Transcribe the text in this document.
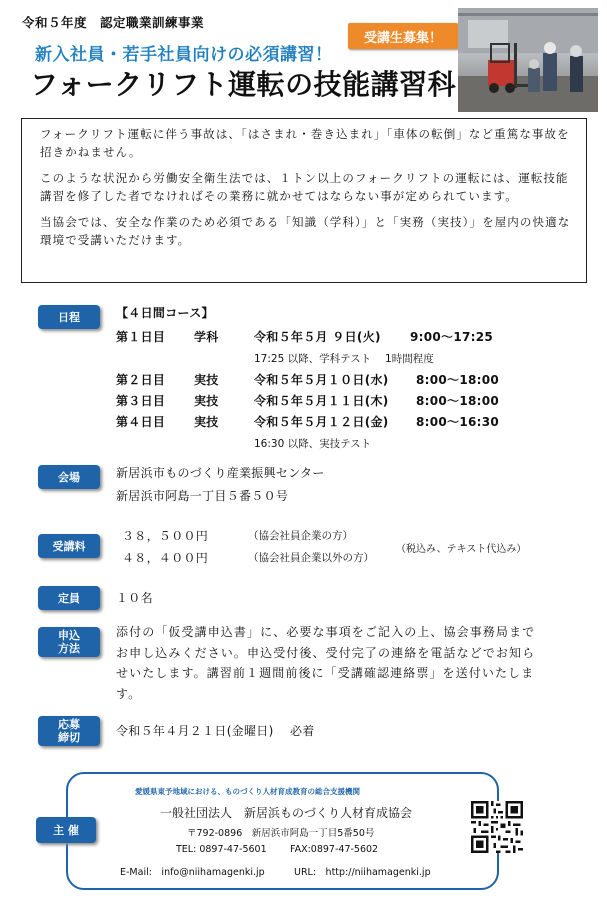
令和５年度　認定職業訓練事業
新入社員・若手社員向けの必須講習！
フォークリフト運転の技能講習科
受講生募集！

フォークリフト運転に伴う事故は、「はさまれ・巻き込まれ」「車体の転倒」など重篤な事故を招きかねません。

このような状況から労働安全衛生法では、１トン以上のフォークリフトの運転には、運転技能講習を修了した者でなければその業務に就かせてはならない事が定められています。

当協会では、安全な作業のため必須である「知識（学科）」と「実務（実技）」を屋内の快適な環境で受講いただけます。

日程	【４日間コース】
第１日目 学科	令和５年５月 ９日(火) 9:00～17:25
17:25 以降、学科テスト　 1時間程度
第２日目 実技	令和５年５月１０日(水) 8:00～18:00
第３日目 実技	令和５年５月１１日(木) 8:00～18:00
第４日目 実技	令和５年５月１２日(金) 8:00～16:30
16:30 以降、実技テスト
会場	新居浜市ものづくり産業振興センター
新居浜市阿島一丁目５番５０号
受講料
３８，５００円	（協会社員企業の方）
４８，４００円	（協会社員企業以外の方）
（税込み、テキスト代込み）
定員	１０名
申込
方法
添付の「仮受講申込書」に、必要な事項をご記入の上、協会事務局までお申し込みください。申込受付後、受付完了の連絡を電話などでお知らせいたします。講習前１週間前後に「受講確認連絡票」を送付いたします。
応募
締切	令和５年４月２１日(金曜日)　 必着
主 催
愛媛県東予地域における、ものづくり人材育成教育の総合支援機関
一般社団法人　新居浜ものづくり人材育成協会
〒792-0896　新居浜市阿島一丁目5番50号
TEL: 0897-47-5601 FAX:0897-47-5602
E-Mail:　info@niihamagenki.jp	URL:　http://niihamagenki.jp
